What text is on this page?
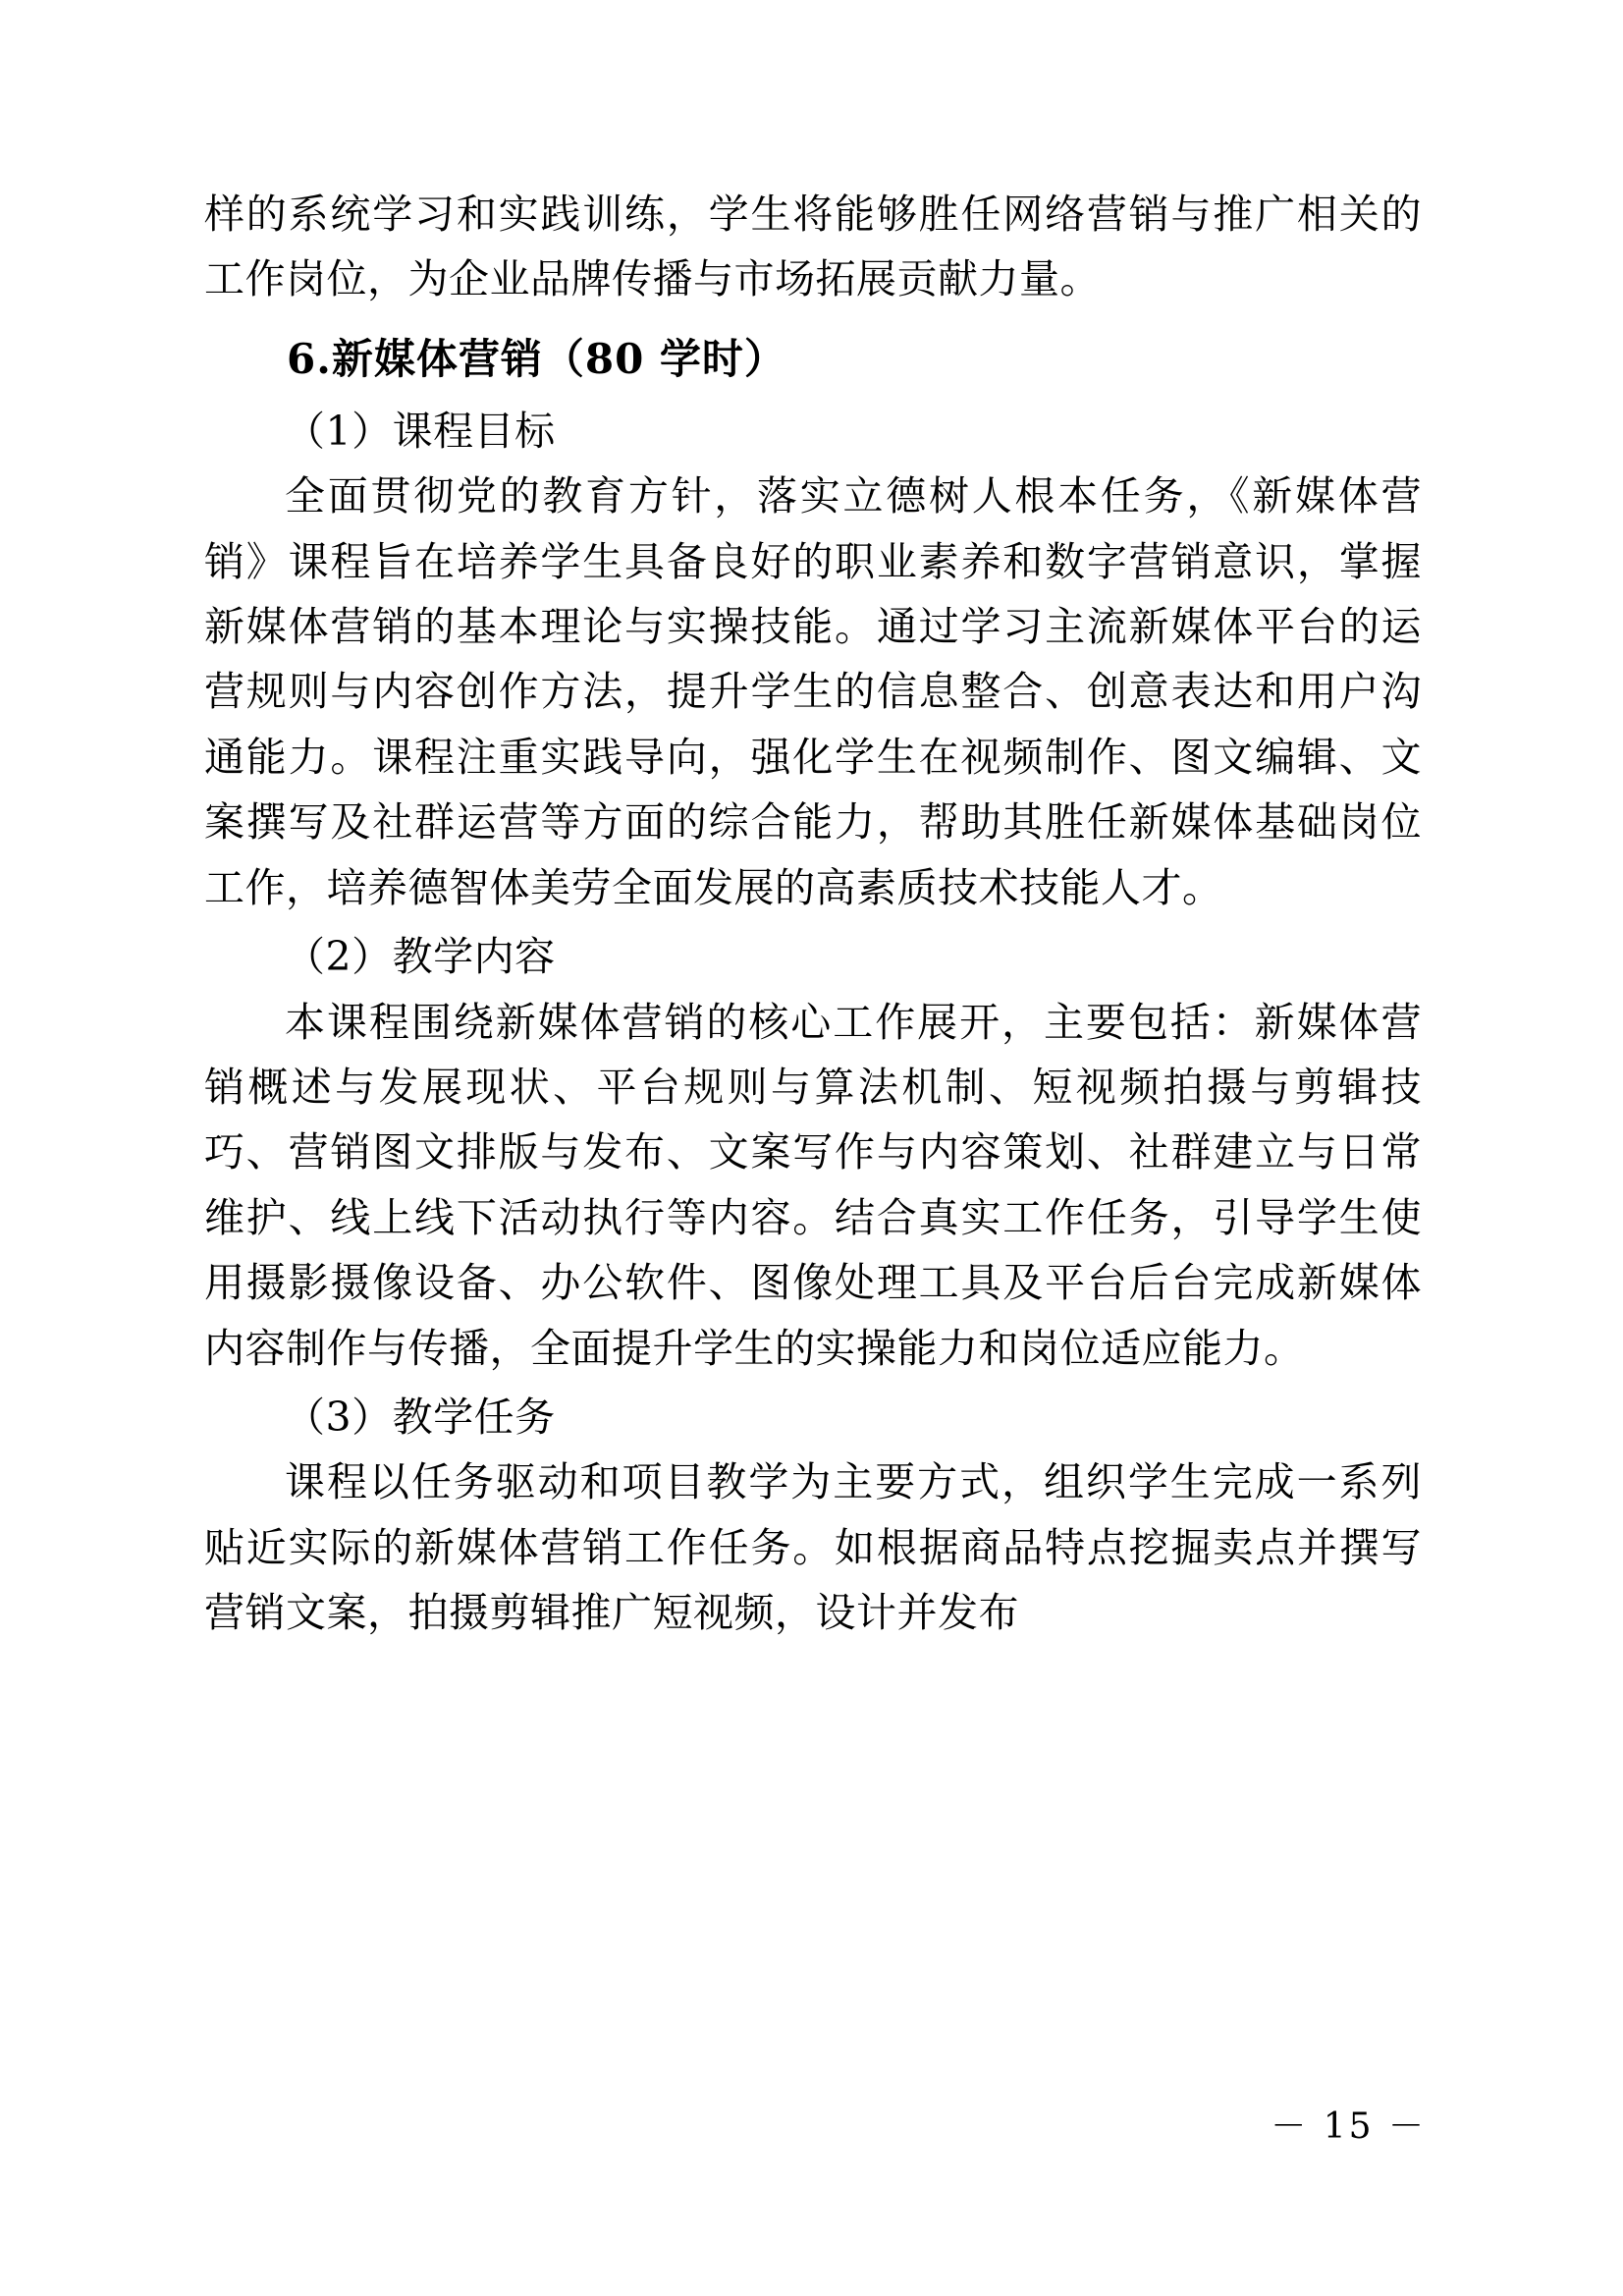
样的系统学习和实践训练，学生将能够胜任网络营销与推广相关的工作岗位，为企业品牌传播与市场拓展贡献力量。

6.新媒体营销（80 学时）

（1）课程目标

全面贯彻党的教育方针，落实立德树人根本任务，《新媒体营销》课程旨在培养学生具备良好的职业素养和数字营销意识，掌握新媒体营销的基本理论与实操技能。通过学习主流新媒体平台的运营规则与内容创作方法，提升学生的信息整合、创意表达和用户沟通能力。课程注重实践导向，强化学生在视频制作、图文编辑、文案撰写及社群运营等方面的综合能力，帮助其胜任新媒体基础岗位工作，培养德智体美劳全面发展的高素质技术技能人才。

（2）教学内容

本课程围绕新媒体营销的核心工作展开，主要包括：新媒体营销概述与发展现状、平台规则与算法机制、短视频拍摄与剪辑技巧、营销图文排版与发布、文案写作与内容策划、社群建立与日常维护、线上线下活动执行等内容。结合真实工作任务，引导学生使用摄影摄像设备、办公软件、图像处理工具及平台后台完成新媒体内容制作与传播，全面提升学生的实操能力和岗位适应能力。

（3）教学任务

课程以任务驱动和项目教学为主要方式，组织学生完成一系列贴近实际的新媒体营销工作任务。如根据商品特点挖掘卖点并撰写营销文案，拍摄剪辑推广短视频，设计并发布

－ 15 －
